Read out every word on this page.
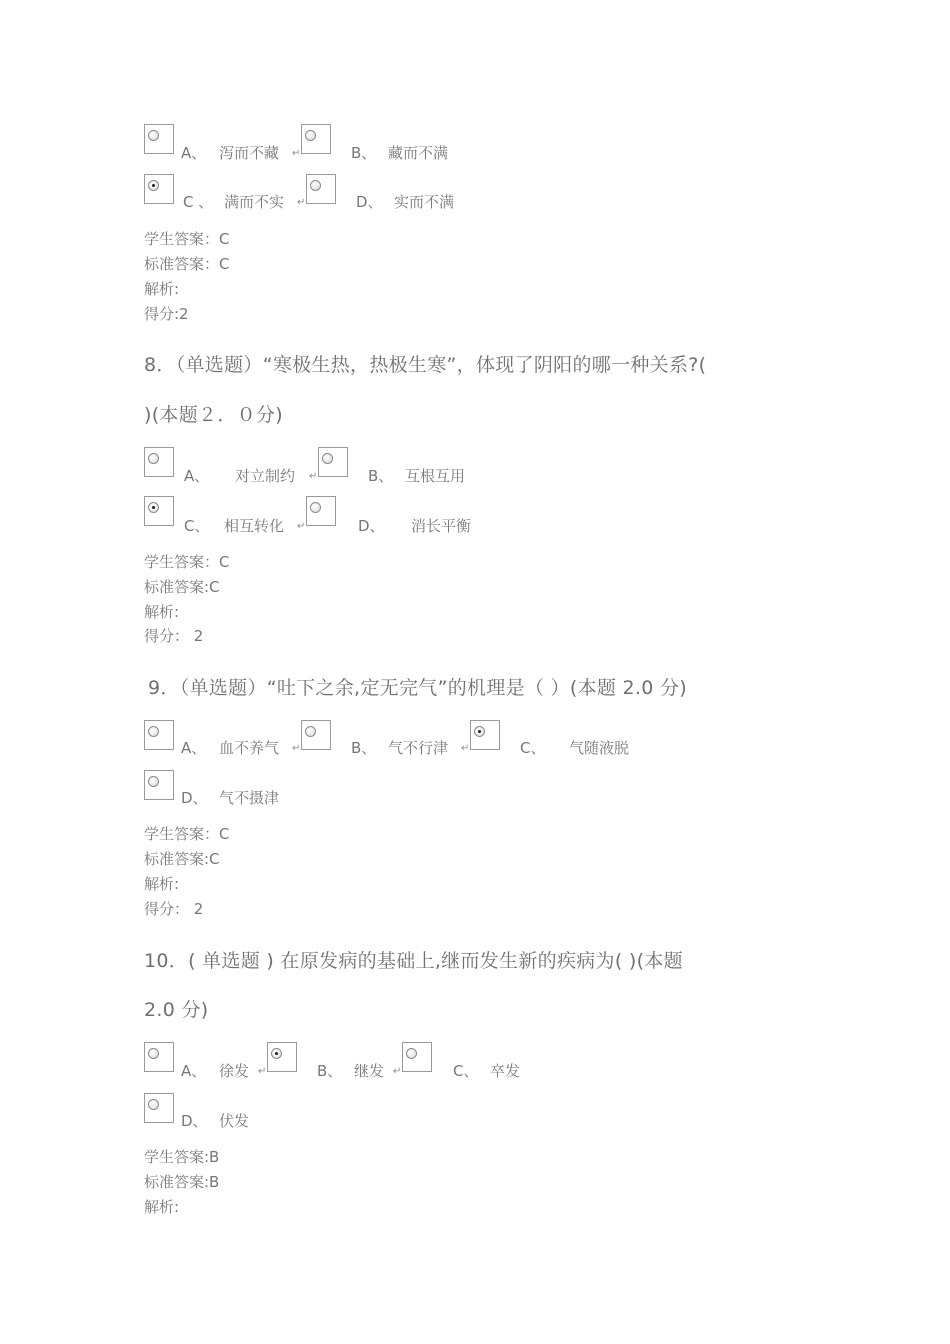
A、 泻而不藏 ↵	B、 藏而不满
C 、 满而不实 ↵	D、 实而不满
学生答案：C
标准答案：C
解析:
得分:2
8．（单选题）“寒极生热，热极生寒”，体现了阴阳的哪一种关系?(
)(本题２．０分)
A、 对立制约 ↵	B、 互根互用
C、 相互转化 ↵	D、 消长平衡
学生答案：C
标准答案:C
解析:
得分： 2
9．（单选题）“吐下之余,定无完气”的机理是（ ）(本题 2.0 分)
A、 血不养气 ↵	B、 气不行津 ↵	C、 气随液脱
D、 气不摄津
学生答案：C
标准答案:C
解析:
得分： 2
10．( 单选题 ) 在原发病的基础上,继而发生新的疾病为( )(本题
2.0 分)
A、 徐发 ↵	B、 继发 ↵	C、 卒发
D、 伏发
学生答案:B
标准答案:B
解析:
